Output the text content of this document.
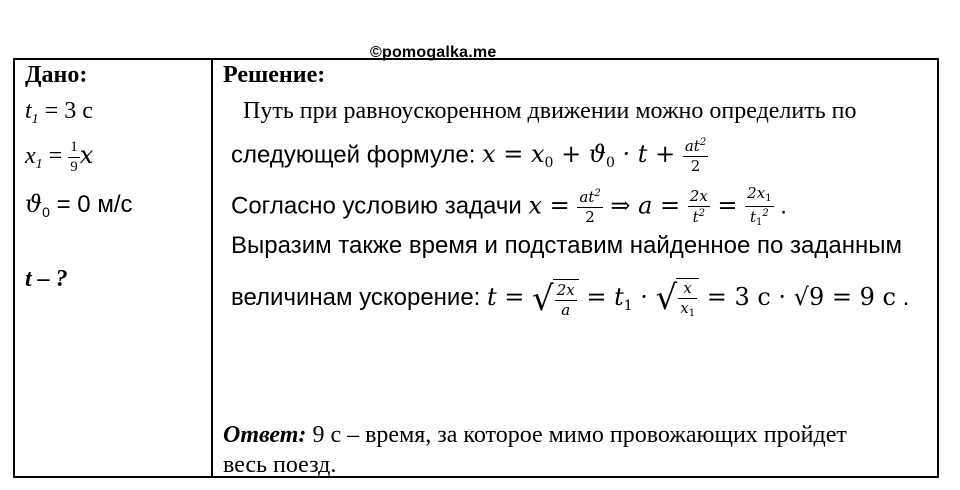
©pomogalka.me
Дано:
$t_1 = 3$ с
$x_1 = \frac{1}{9}$ x
$ϑ_0 = 0$ м/с
t – ?
Решение:
Путь при равноускоренном движении можно определить по
следующей формуле: $x = x_0 + ϑ_0 \cdot t + \frac{at^2}{2}$
Согласно условию задачи $x = \frac{at^2}{2}$ ⇒ $a = \frac{2x}{t^2} = \frac{2x_1}{t_1^2}$ .
Выразим также время и подставим найденное по заданным
величинам ускорение: t = √ $\frac{2x}{a} = t_1$ · √ $\frac{x}{x_1} = 3$ с · √9 = 9 с .
Ответ: 9 с – время, за которое мимо провожающих пройдет
весь поезд.
